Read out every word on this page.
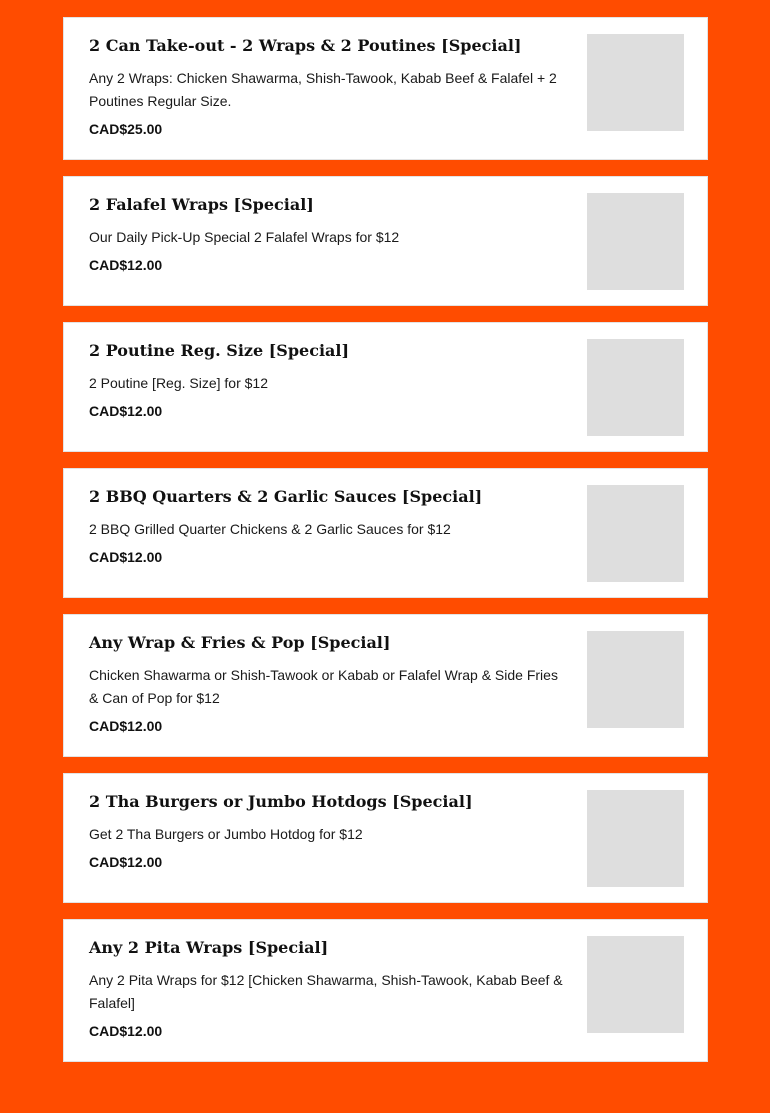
2 Can Take-out - 2 Wraps & 2 Poutines [Special]

Any 2 Wraps: Chicken Shawarma, Shish-Tawook, Kabab Beef & Falafel + 2 Poutines Regular Size.

CAD$25.00

2 Falafel Wraps [Special]

Our Daily Pick-Up Special 2 Falafel Wraps for $12

CAD$12.00

2 Poutine Reg. Size [Special]

2 Poutine [Reg. Size] for $12

CAD$12.00

2 BBQ Quarters & 2 Garlic Sauces [Special]

2 BBQ Grilled Quarter Chickens & 2 Garlic Sauces for $12

CAD$12.00

Any Wrap & Fries & Pop [Special]

Chicken Shawarma or Shish-Tawook or Kabab or Falafel Wrap & Side Fries & Can of Pop for $12

CAD$12.00

2 Tha Burgers or Jumbo Hotdogs [Special]

Get 2 Tha Burgers or Jumbo Hotdog for $12

CAD$12.00

Any 2 Pita Wraps [Special]

Any 2 Pita Wraps for $12 [Chicken Shawarma, Shish-Tawook, Kabab Beef & Falafel]

CAD$12.00
